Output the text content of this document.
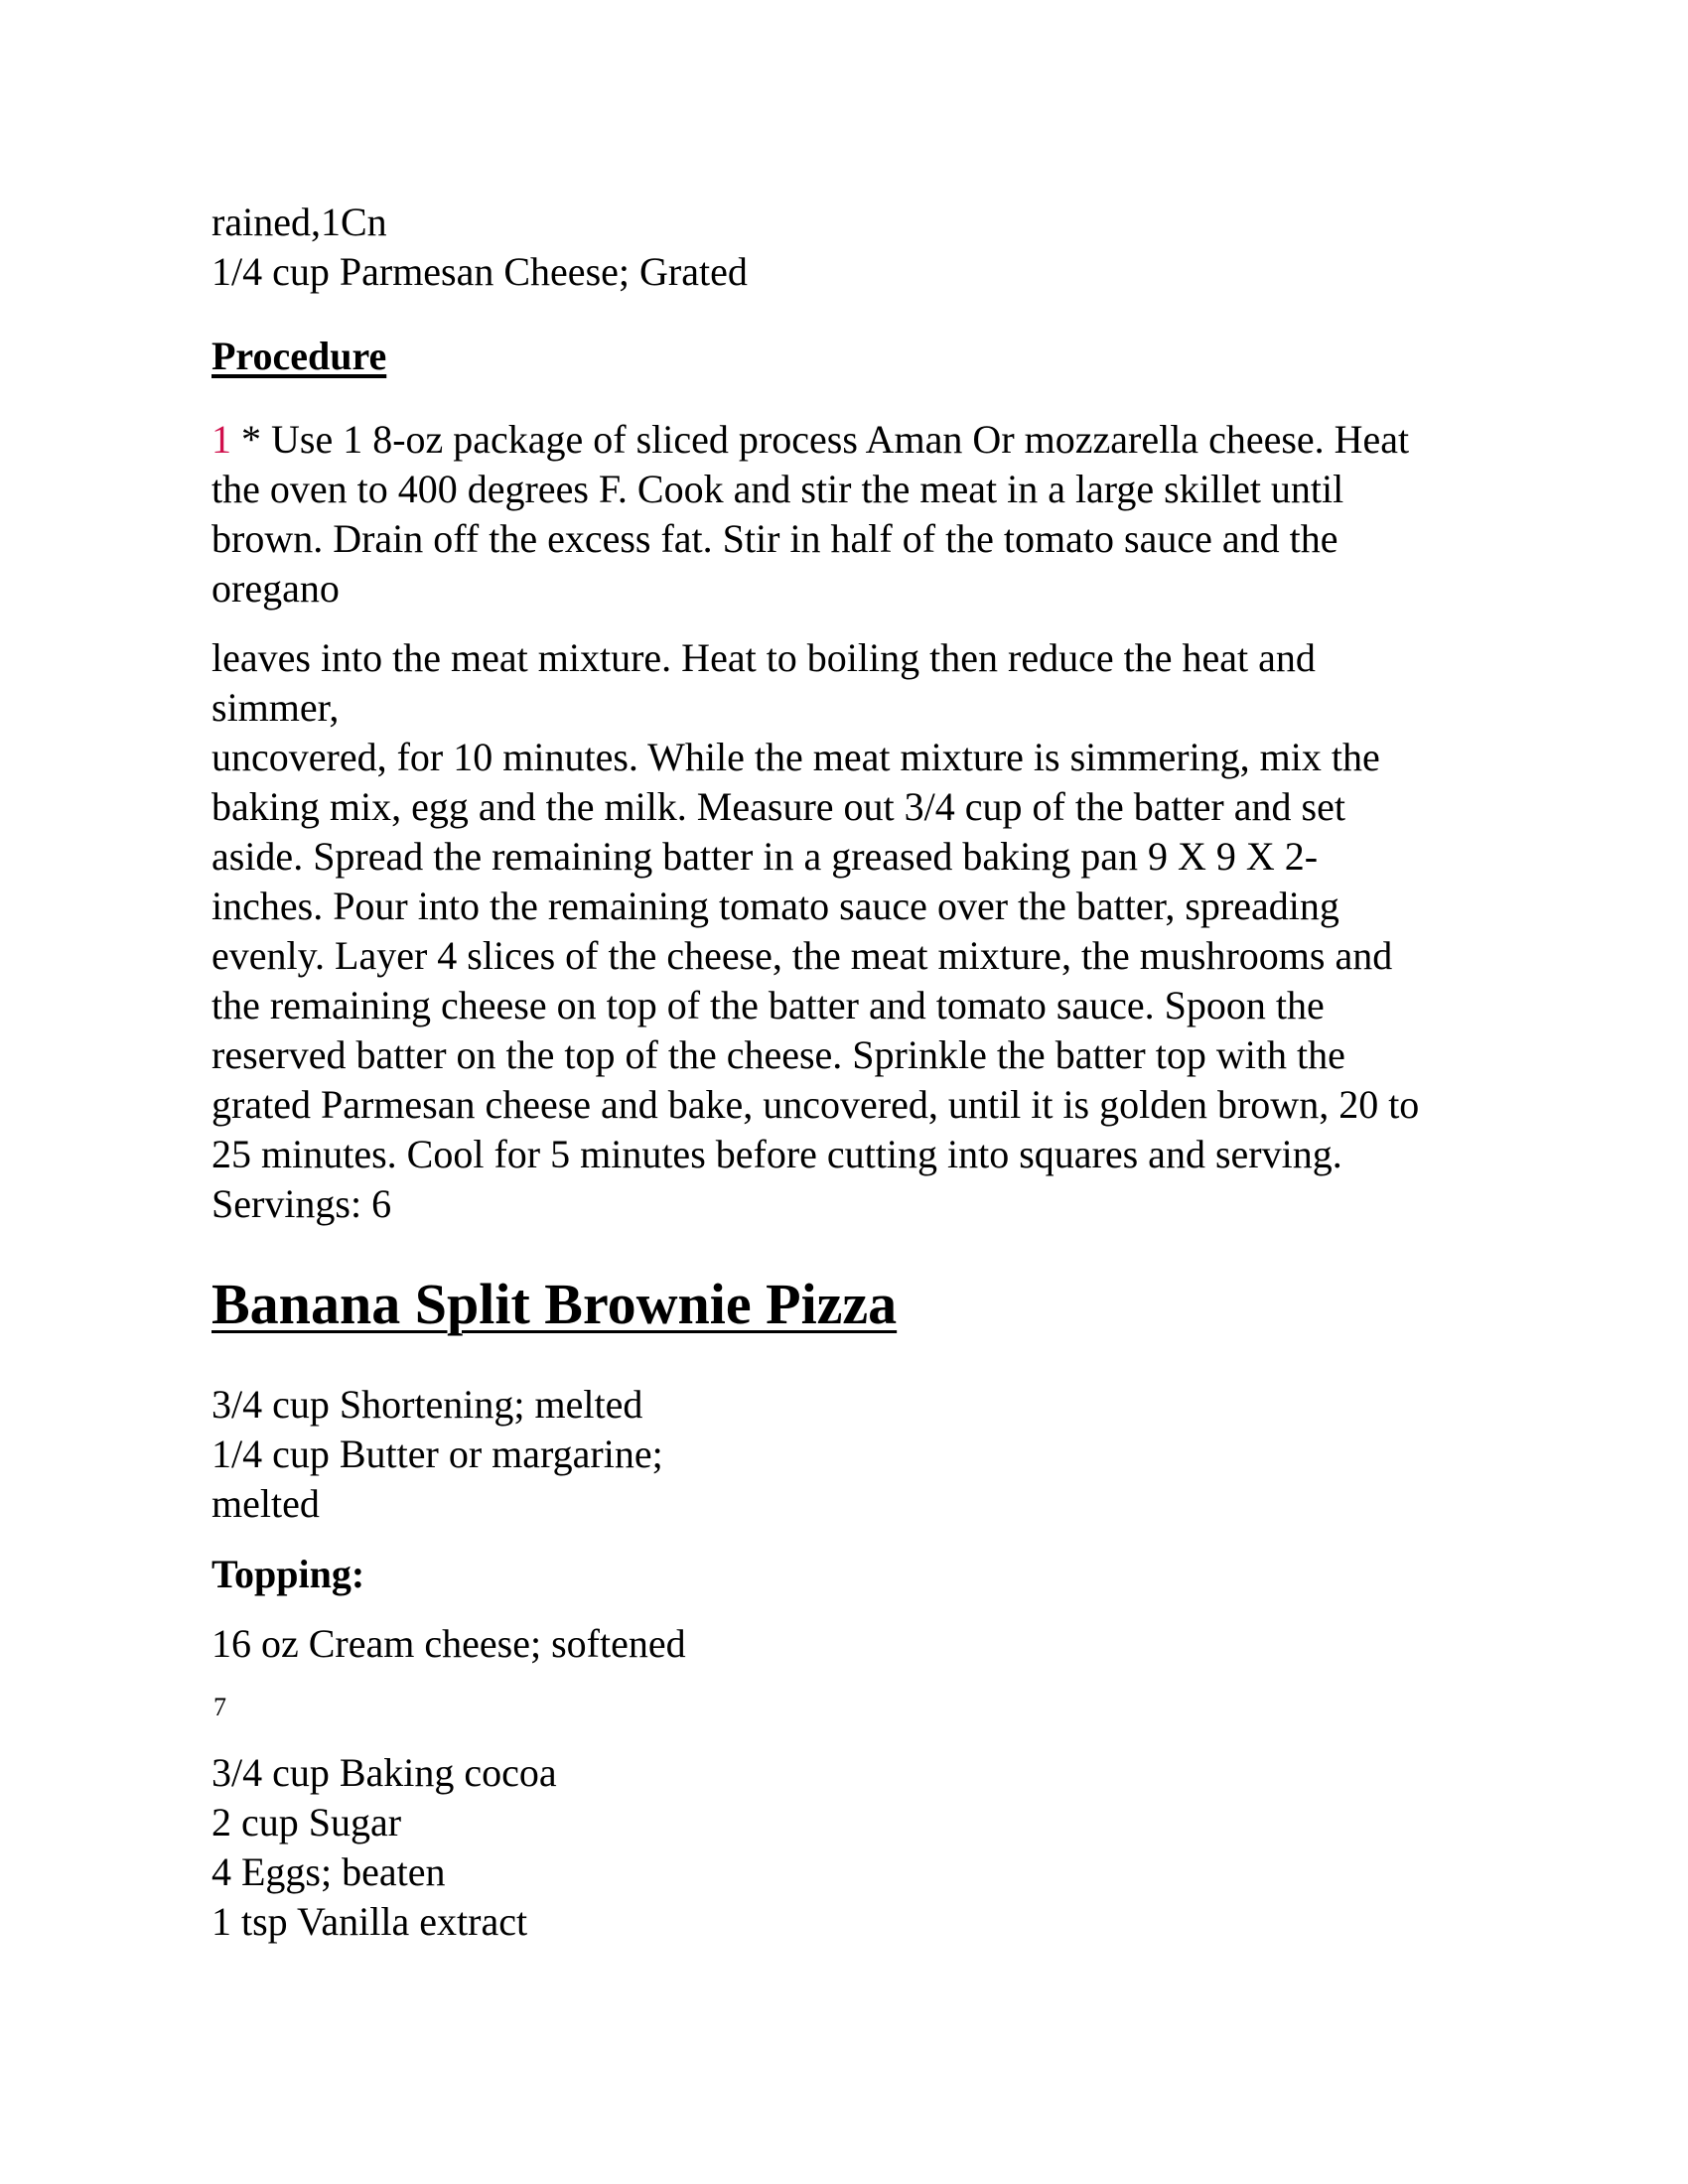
rained,1Cn

1/4 cup Parmesan Cheese; Grated

Procedure

1 * Use 1 8-oz package of sliced process Aman Or mozzarella cheese. Heat
the oven to 400 degrees F. Cook and stir the meat in a large skillet until
brown. Drain off the excess fat. Stir in half of the tomato sauce and the
oregano
leaves into the meat mixture. Heat to boiling then reduce the heat and
simmer,
uncovered, for 10 minutes. While the meat mixture is simmering, mix the
baking mix, egg and the milk. Measure out 3/4 cup of the batter and set
aside. Spread the remaining batter in a greased baking pan 9 X 9 X 2-
inches. Pour into the remaining tomato sauce over the batter, spreading
evenly. Layer 4 slices of the cheese, the meat mixture, the mushrooms and
the remaining cheese on top of the batter and tomato sauce. Spoon the
reserved batter on the top of the cheese. Sprinkle the batter top with the
grated Parmesan cheese and bake, uncovered, until it is golden brown, 20 to
25 minutes. Cool for 5 minutes before cutting into squares and serving.
Servings: 6
Banana Split Brownie Pizza
3/4 cup Shortening; melted
1/4 cup Butter or margarine;
melted

Topping:

16 oz Cream cheese; softened

7

3/4 cup Baking cocoa
2 cup Sugar
4 Eggs; beaten
1 tsp Vanilla extract
